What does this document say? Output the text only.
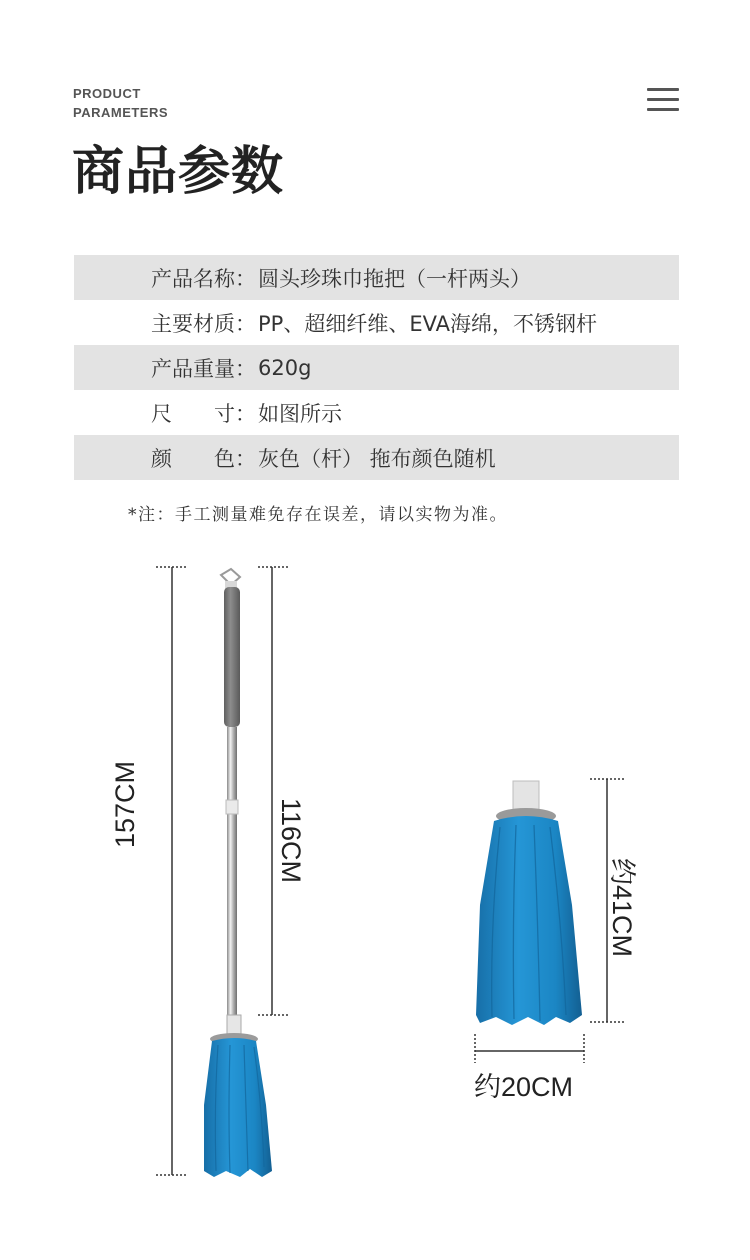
PRODUCT
PARAMETERS
商品参数
产品名称： 圆头珍珠巾拖把（一杆两头）
主要材质： PP、超细纤维、EVA海绵，不锈钢杆
产品重量： 620g
尺　　寸： 如图所示
颜　　色： 灰色（杆） 拖布颜色随机
*注：手工测量难免存在误差，请以实物为准。
157CM	116CM
约41CM
约20CM
